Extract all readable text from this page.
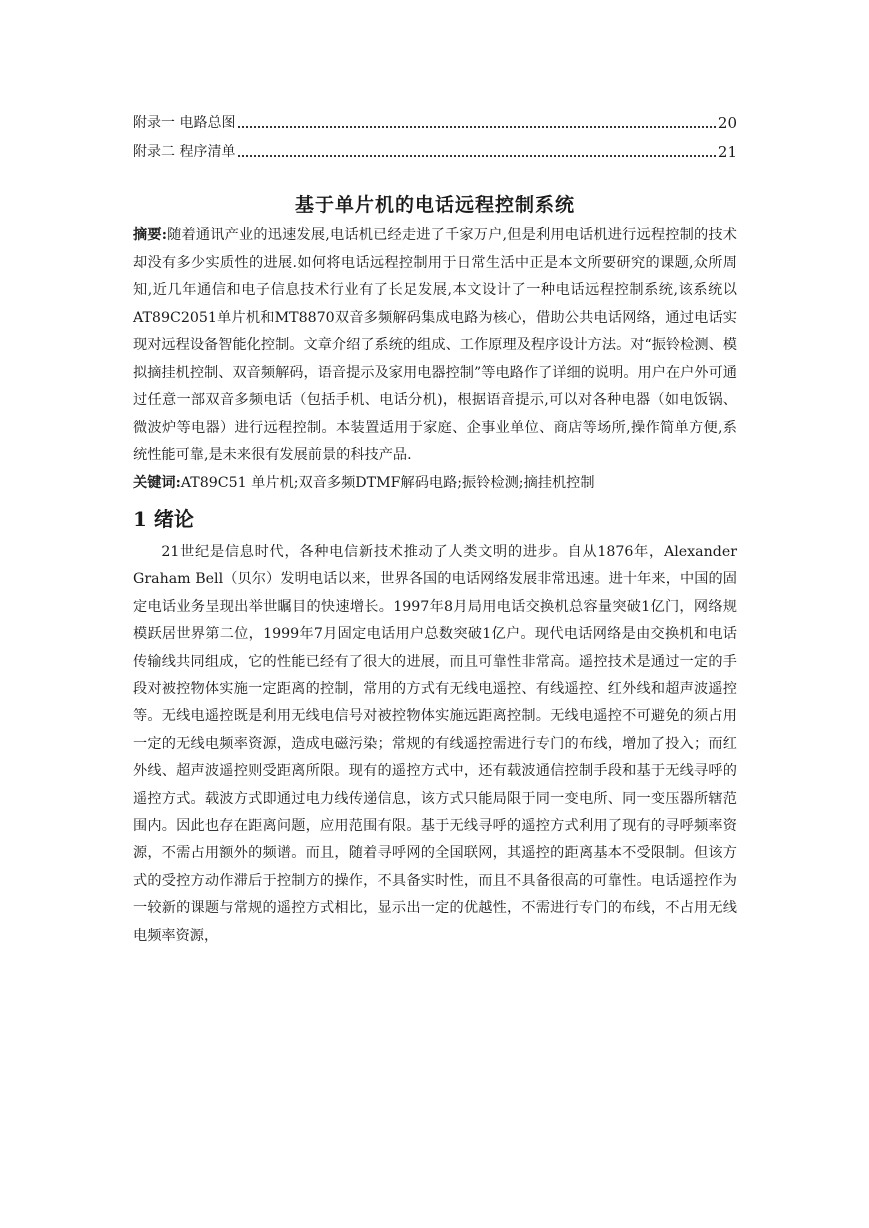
附录一 电路总图	20
附录二 程序清单	21
基于单片机的电话远程控制系统
摘要:随着通讯产业的迅速发展,电话机已经走进了千家万户,但是利用电话机进行远程控制的技术却没有多少实质性的进展.如何将电话远程控制用于日常生活中正是本文所要研究的课题,众所周知,近几年通信和电子信息技术行业有了长足发展,本文设计了一种电话远程控制系统,该系统以AT89C2051单片机和MT8870双音多频解码集成电路为核心，借助公共电话网络，通过电话实现对远程设备智能化控制。文章介绍了系统的组成、工作原理及程序设计方法。对“振铃检测、模拟摘挂机控制、双音频解码，语音提示及家用电器控制”等电路作了详细的说明。用户在户外可通过任意一部双音多频电话（包括手机、电话分机)，根据语音提示,可以对各种电器（如电饭锅、微波炉等电器）进行远程控制。本装置适用于家庭、企事业单位、商店等场所,操作简单方便,系统性能可靠,是未来很有发展前景的科技产品.
关键词:AT89C51 单片机;双音多频DTMF解码电路;振铃检测;摘挂机控制
1 绪论
21世纪是信息时代，各种电信新技术推动了人类文明的进步。自从1876年，Alexander Graham Bell（贝尔）发明电话以来，世界各国的电话网络发展非常迅速。进十年来，中国的固定电话业务呈现出举世瞩目的快速增长。1997年8月局用电话交换机总容量突破1亿门，网络规模跃居世界第二位，1999年7月固定电话用户总数突破1亿户。现代电话网络是由交换机和电话传输线共同组成，它的性能已经有了很大的进展，而且可靠性非常高。遥控技术是通过一定的手段对被控物体实施一定距离的控制，常用的方式有无线电遥控、有线遥控、红外线和超声波遥控等。无线电遥控既是利用无线电信号对被控物体实施远距离控制。无线电遥控不可避免的须占用一定的无线电频率资源，造成电磁污染；常规的有线遥控需进行专门的布线，增加了投入；而红外线、超声波遥控则受距离所限。现有的遥控方式中，还有载波通信控制手段和基于无线寻呼的遥控方式。载波方式即通过电力线传递信息，该方式只能局限于同一变电所、同一变压器所辖范围内。因此也存在距离问题，应用范围有限。基于无线寻呼的遥控方式利用了现有的寻呼频率资源，不需占用额外的频谱。而且，随着寻呼网的全国联网，其遥控的距离基本不受限制。但该方式的受控方动作滞后于控制方的操作，不具备实时性，而且不具备很高的可靠性。电话遥控作为一较新的课题与常规的遥控方式相比，显示出一定的优越性，不需进行专门的布线，不占用无线电频率资源，
